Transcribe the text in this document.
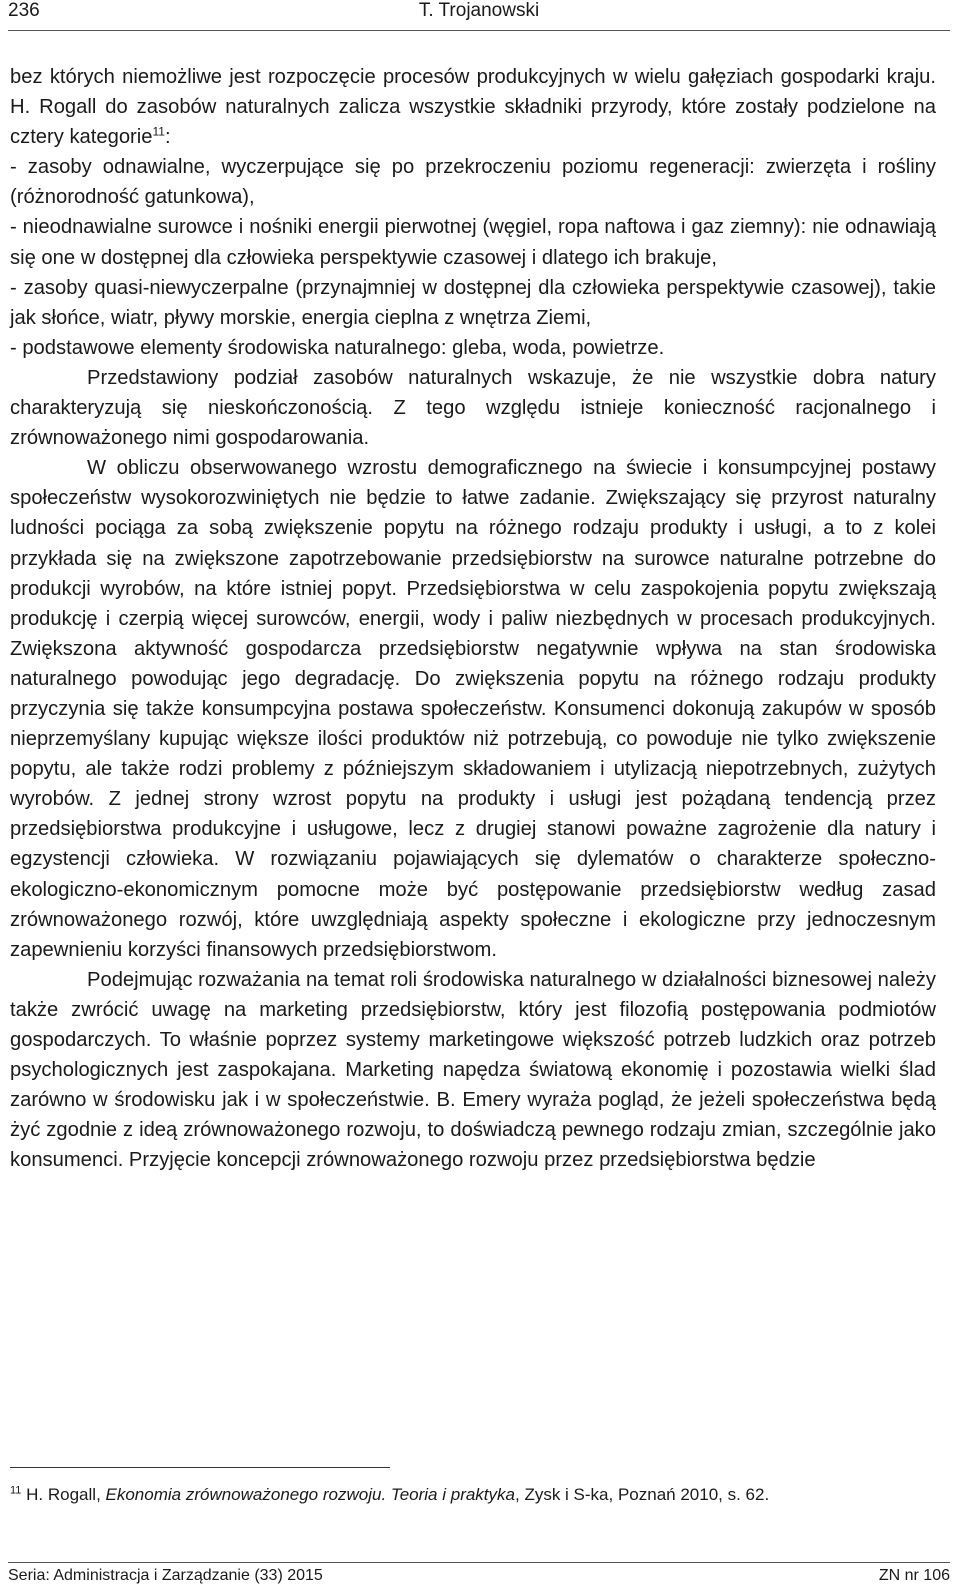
236	T. Trojanowski

bez których niemożliwe jest rozpoczęcie procesów produkcyjnych w wielu gałęziach gospodarki kraju. H. Rogall do zasobów naturalnych zalicza wszystkie składniki przyrody, które zostały podzielone na cztery kategorie$^{11}$:

- zasoby odnawialne, wyczerpujące się po przekroczeniu poziomu regeneracji: zwierzęta i rośliny (różnorodność gatunkowa),
- nieodnawialne surowce i nośniki energii pierwotnej (węgiel, ropa naftowa i gaz ziemny): nie odnawiają się one w dostępnej dla człowieka perspektywie czasowej i dlatego ich brakuje,
- zasoby quasi-niewyczerpalne (przynajmniej w dostępnej dla człowieka perspektywie czasowej), takie jak słońce, wiatr, pływy morskie, energia cieplna z wnętrza Ziemi,
- podstawowe elementy środowiska naturalnego: gleba, woda, powietrze.

Przedstawiony podział zasobów naturalnych wskazuje, że nie wszystkie dobra natury charakteryzują się nieskończonością. Z tego względu istnieje konieczność racjonalnego i zrównoważonego nimi gospodarowania.

W obliczu obserwowanego wzrostu demograficznego na świecie i konsumpcyjnej postawy społeczeństw wysokorozwiniętych nie będzie to łatwe zadanie. Zwiększający się przyrost naturalny ludności pociąga za sobą zwiększenie popytu na różnego rodzaju produkty i usługi, a to z kolei przykłada się na zwiększone zapotrzebowanie przedsiębiorstw na surowce naturalne potrzebne do produkcji wyrobów, na które istniej popyt. Przedsiębiorstwa w celu zaspokojenia popytu zwiększają produkcję i czerpią więcej surowców, energii, wody i paliw niezbędnych w procesach produkcyjnych. Zwiększona aktywność gospodarcza przedsiębiorstw negatywnie wpływa na stan środowiska naturalnego powodując jego degradację. Do zwiększenia popytu na różnego rodzaju produkty przyczynia się także konsumpcyjna postawa społeczeństw. Konsumenci dokonują zakupów w sposób nieprzemyślany kupując większe ilości produktów niż potrzebują, co powoduje nie tylko zwiększenie popytu, ale także rodzi problemy z późniejszym składowaniem i utylizacją niepotrzebnych, zużytych wyrobów. Z jednej strony wzrost popytu na produkty i usługi jest pożądaną tendencją przez przedsiębiorstwa produkcyjne i usługowe, lecz z drugiej stanowi poważne zagrożenie dla natury i egzystencji człowieka. W rozwiązaniu pojawiających się dylematów o charakterze społeczno-ekologiczno-ekonomicznym pomocne może być postępowanie przedsiębiorstw według zasad zrównoważonego rozwój, które uwzględniają aspekty społeczne i ekologiczne przy jednoczesnym zapewnieniu korzyści finansowych przedsiębiorstwom.

Podejmując rozważania na temat roli środowiska naturalnego w działalności biznesowej należy także zwrócić uwagę na marketing przedsiębiorstw, który jest filozofią postępowania podmiotów gospodarczych. To właśnie poprzez systemy marketingowe większość potrzeb ludzkich oraz potrzeb psychologicznych jest zaspokajana. Marketing napędza światową ekonomię i pozostawia wielki ślad zarówno w środowisku jak i w społeczeństwie. B. Emery wyraża pogląd, że jeżeli społeczeństwa będą żyć zgodnie z ideą zrównoważonego rozwoju, to doświadczą pewnego rodzaju zmian, szczególnie jako konsumenci. Przyjęcie koncepcji zrównoważonego rozwoju przez przedsiębiorstwa będzie

$^{11}$ H. Rogall, Ekonomia zrównoważonego rozwoju. Teoria i praktyka, Zysk i S-ka, Poznań 2010, s. 62.
Seria: Administracja i Zarządzanie (33) 2015	ZN nr 106
